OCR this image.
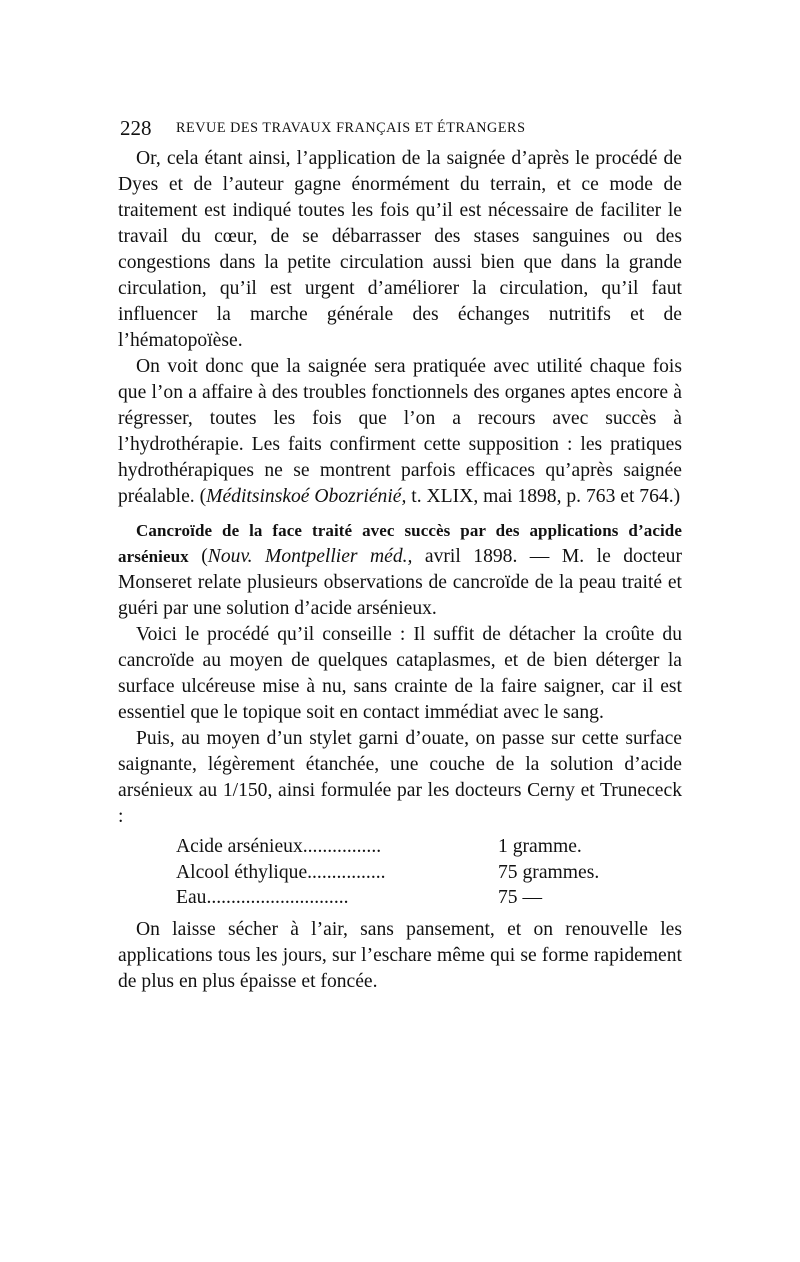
228 REVUE DES TRAVAUX FRANÇAIS ET ÉTRANGERS

Or, cela étant ainsi, l’application de la saignée d’après le procédé de Dyes et de l’auteur gagne énormément du terrain, et ce mode de traitement est indiqué toutes les fois qu’il est nécessaire de faciliter le travail du cœur, de se débarrasser des stases sanguines ou des congestions dans la petite circulation aussi bien que dans la grande circulation, qu’il est urgent d’améliorer la circulation, qu’il faut influencer la marche générale des échanges nutritifs et de l’hématopoïèse.

On voit donc que la saignée sera pratiquée avec utilité chaque fois que l’on a affaire à des troubles fonctionnels des organes aptes encore à régresser, toutes les fois que l’on a recours avec succès à l’hydrothérapie. Les faits confirment cette supposition : les pratiques hydrothérapiques ne se montrent parfois efficaces qu’après saignée préalable. (Méditsinskoé Obozriénié, t. XLIX, mai 1898, p. 763 et 764.)

Cancroïde de la face traité avec succès par des applications d’acide arsénieux (Nouv. Montpellier méd., avril 1898. — M. le docteur Monseret relate plusieurs observations de cancroïde de la peau traité et guéri par une solution d’acide arsénieux.

Voici le procédé qu’il conseille : Il suffit de détacher la croûte du cancroïde au moyen de quelques cataplasmes, et de bien déterger la surface ulcéreuse mise à nu, sans crainte de la faire saigner, car il est essentiel que le topique soit en contact immédiat avec le sang.

Puis, au moyen d’un stylet garni d’ouate, on passe sur cette surface saignante, légèrement étanchée, une couche de la solution d’acide arsénieux au 1/150, ainsi formulée par les docteurs Cerny et Trunececk :

Acide arsénieux................	1 gramme.
Alcool éthylique................	75 grammes.
Eau.............................	75 —

On laisse sécher à l’air, sans pansement, et on renouvelle les applications tous les jours, sur l’eschare même qui se forme rapidement de plus en plus épaisse et foncée.
